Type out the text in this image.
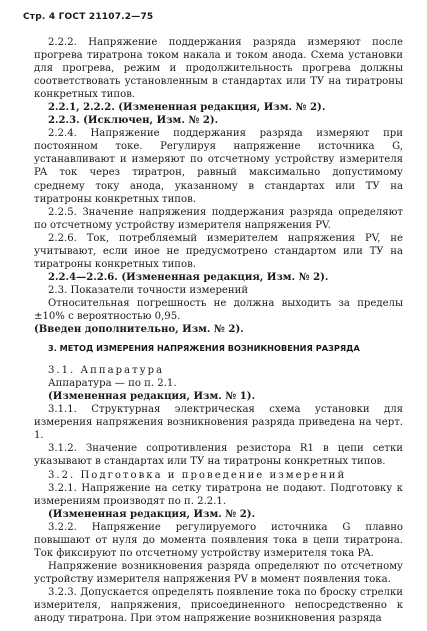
Стр. 4 ГОСТ 21107.2—75

2.2.2. Напряжение поддержания разряда измеряют после прогрева тиратрона током накала и током анода. Схема установки для прогрева, режим и продолжительность прогрева должны соответствовать установленным в стандартах или ТУ на тиратроны конкретных типов.

2.2.1, 2.2.2. (Измененная редакция, Изм. № 2).

2.2.3. (Исключен, Изм. № 2).

2.2.4. Напряжение поддержания разряда измеряют при постоянном токе. Регулируя напряжение источника G, устанавливают и измеряют по отсчетному устройству измерителя PA ток через тиратрон, равный максимально допустимому среднему току анода, указанному в стандартах или ТУ на тиратроны конкретных типов.

2.2.5. Значение напряжения поддержания разряда определяют по отсчетному устройству измерителя напряжения PV.

2.2.6. Ток, потребляемый измерителем напряжения PV, не учитывают, если иное не предусмотрено стандартом или ТУ на тиратроны конкретных типов.

2.2.4—2.2.6. (Измененная редакция, Изм. № 2).

2.3. Показатели точности измерений

Относительная погрешность не должна выходить за пределы ±10% с вероятностью 0,95.

(Введен дополнительно, Изм. № 2).

3. МЕТОД ИЗМЕРЕНИЯ НАПРЯЖЕНИЯ ВОЗНИКНОВЕНИЯ РАЗРЯДА

3.1. Аппаратура

Аппаратура — по п. 2.1.

(Измененная редакция, Изм. № 1).

3.1.1. Структурная электрическая схема установки для измерения напряжения возникновения разряда приведена на черт. 1.

3.1.2. Значение сопротивления резистора R1 в цепи сетки указывают в стандартах или ТУ на тиратроны конкретных типов.

3.2. Подготовка и проведение измерений

3.2.1. Напряжение на сетку тиратрона не подают. Подготовку к измерениям производят по п. 2.2.1.

(Измененная редакция, Изм. № 2).

3.2.2. Напряжение регулируемого источника G плавно повышают от нуля до момента появления тока в цепи тиратрона. Ток фиксируют по отсчетному устройству измерителя тока PA.

Напряжение возникновения разряда определяют по отсчетному устройству измерителя напряжения PV в момент появления тока.

3.2.3. Допускается определять появление тока по броску стрелки измерителя, напряжения, присоединенного непосредственно к аноду тиратрона. При этом напряжение возникновения разряда
